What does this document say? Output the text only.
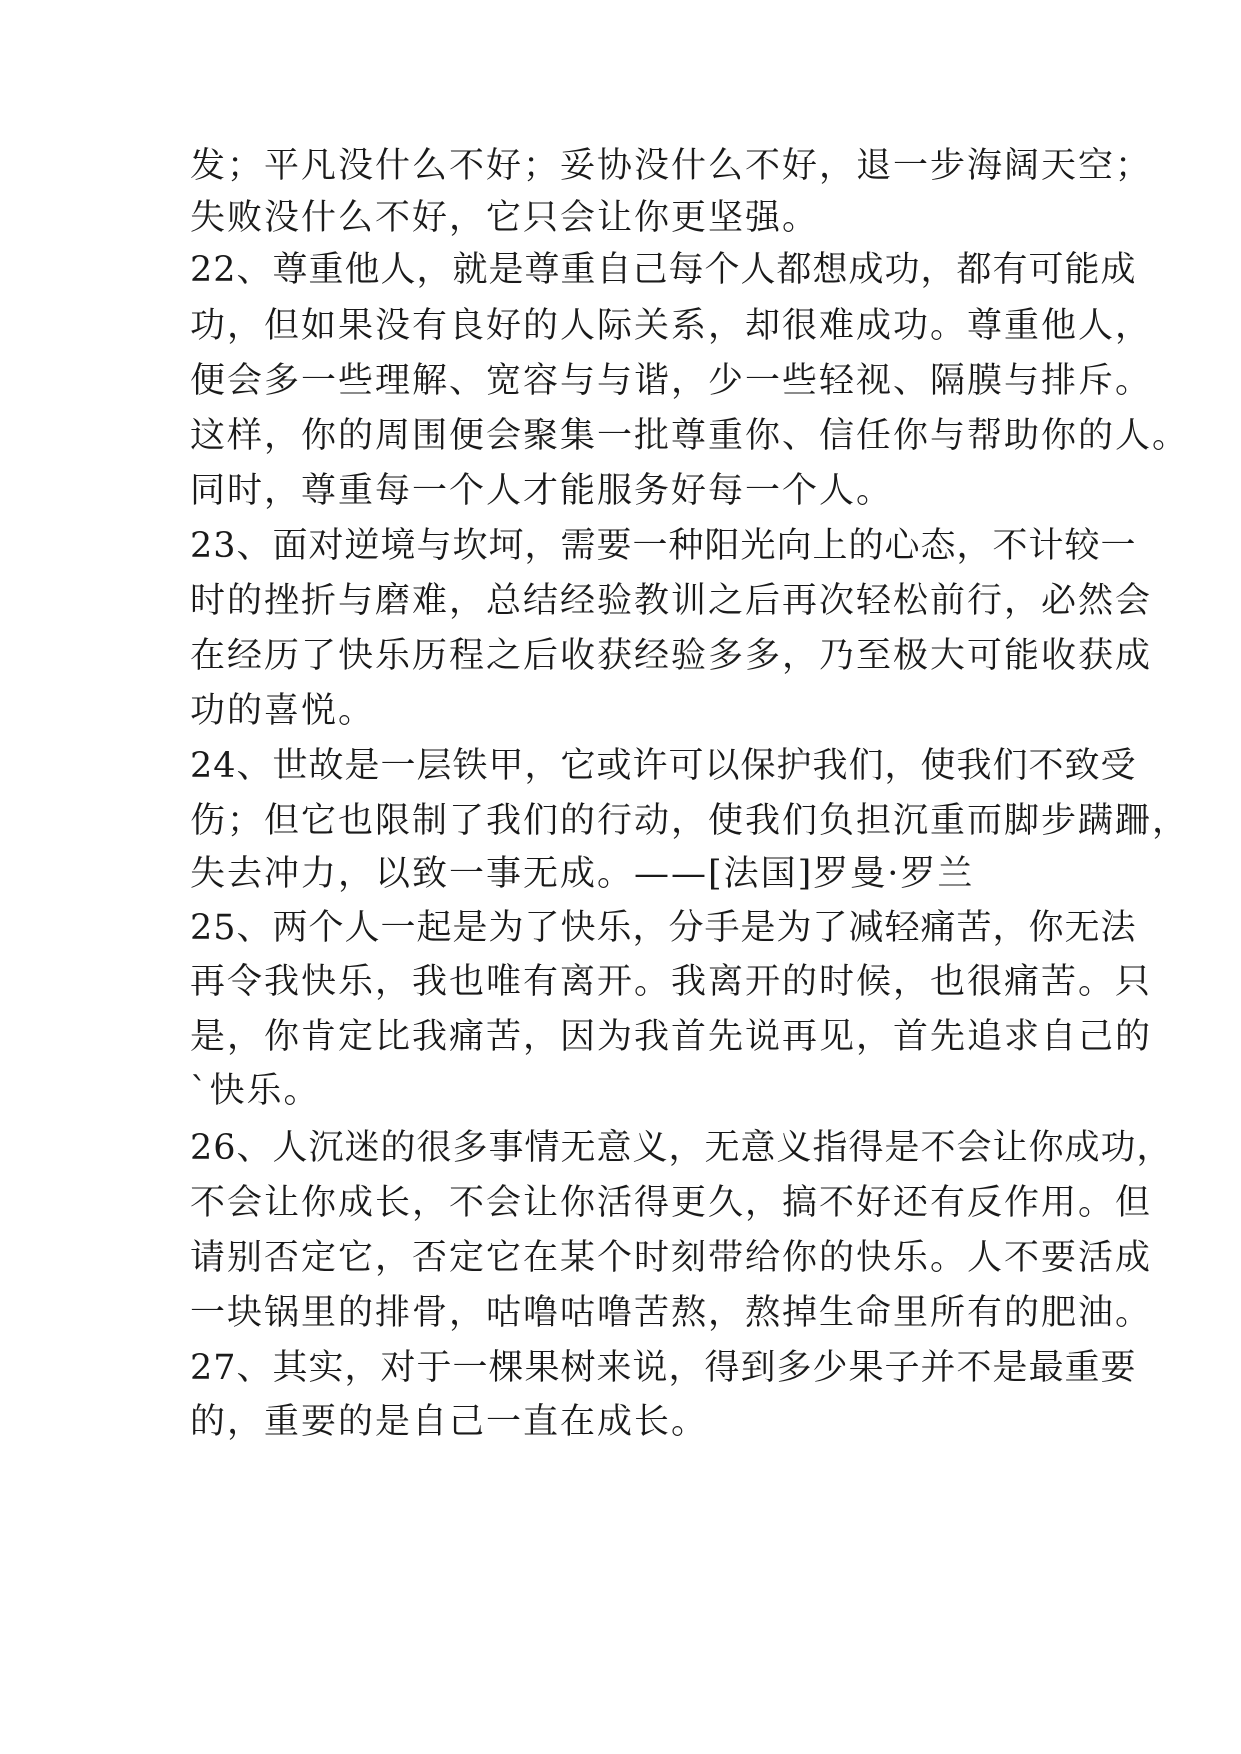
发；平凡没什么不好；妥协没什么不好，退一步海阔天空；
失败没什么不好，它只会让你更坚强。
22、尊重他人，就是尊重自己每个人都想成功，都有可能成
功，但如果没有良好的人际关系，却很难成功。尊重他人，
便会多一些理解、宽容与与谐，少一些轻视、隔膜与排斥。
这样，你的周围便会聚集一批尊重你、信任你与帮助你的人。
同时，尊重每一个人才能服务好每一个人。
23、面对逆境与坎坷，需要一种阳光向上的心态，不计较一
时的挫折与磨难，总结经验教训之后再次轻松前行，必然会
在经历了快乐历程之后收获经验多多，乃至极大可能收获成
功的喜悦。
24、世故是一层铁甲，它或许可以保护我们，使我们不致受
伤；但它也限制了我们的行动，使我们负担沉重而脚步蹒跚，
失去冲力，以致一事无成。——[法国]罗曼·罗兰
25、两个人一起是为了快乐，分手是为了减轻痛苦，你无法
再令我快乐，我也唯有离开。我离开的时候，也很痛苦。只
是，你肯定比我痛苦，因为我首先说再见，首先追求自己的
`快乐。
26、人沉迷的很多事情无意义，无意义指得是不会让你成功，
不会让你成长，不会让你活得更久，搞不好还有反作用。但
请别否定它，否定它在某个时刻带给你的快乐。人不要活成
一块锅里的排骨，咕噜咕噜苦熬，熬掉生命里所有的肥油。
27、其实，对于一棵果树来说，得到多少果子并不是最重要
的，重要的是自己一直在成长。
